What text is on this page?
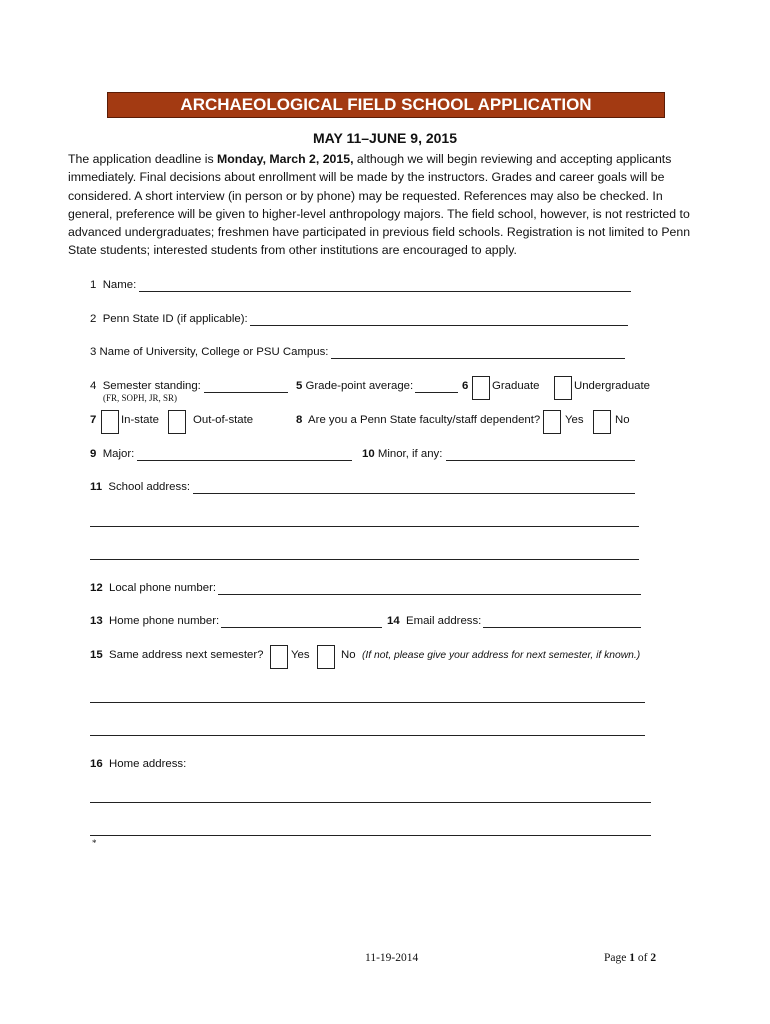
ARCHAEOLOGICAL FIELD SCHOOL APPLICATION
MAY 11–JUNE 9, 2015
The application deadline is Monday, March 2, 2015, although we will begin reviewing and accepting applicants immediately. Final decisions about enrollment will be made by the instructors. Grades and career goals will be considered. A short interview (in person or by phone) may be requested. References may also be checked. In general, preference will be given to higher-level anthropology majors. The field school, however, is not restricted to advanced undergraduates; freshmen have participated in previous field schools. Registration is not limited to Penn State students; interested students from other institutions are encouraged to apply.
1 Name:
2 Penn State ID (if applicable):
3 Name of University, College or PSU Campus:
4 Semester standing:
(FR, SOPH, JR, SR)
5 Grade-point average:	6 Graduate	Undergraduate
7 In-state	Out-of-state	8 Are you a Penn State faculty/staff dependent? Yes	No
9 Major:	10 Minor, if any:
11 School address:
12 Local phone number:
13 Home phone number:	14 Email address:
15 Same address next semester? Yes	No (If not, please give your address for next semester, if known.)
16 Home address:
*
11-19-2014	Page 1 of 2
